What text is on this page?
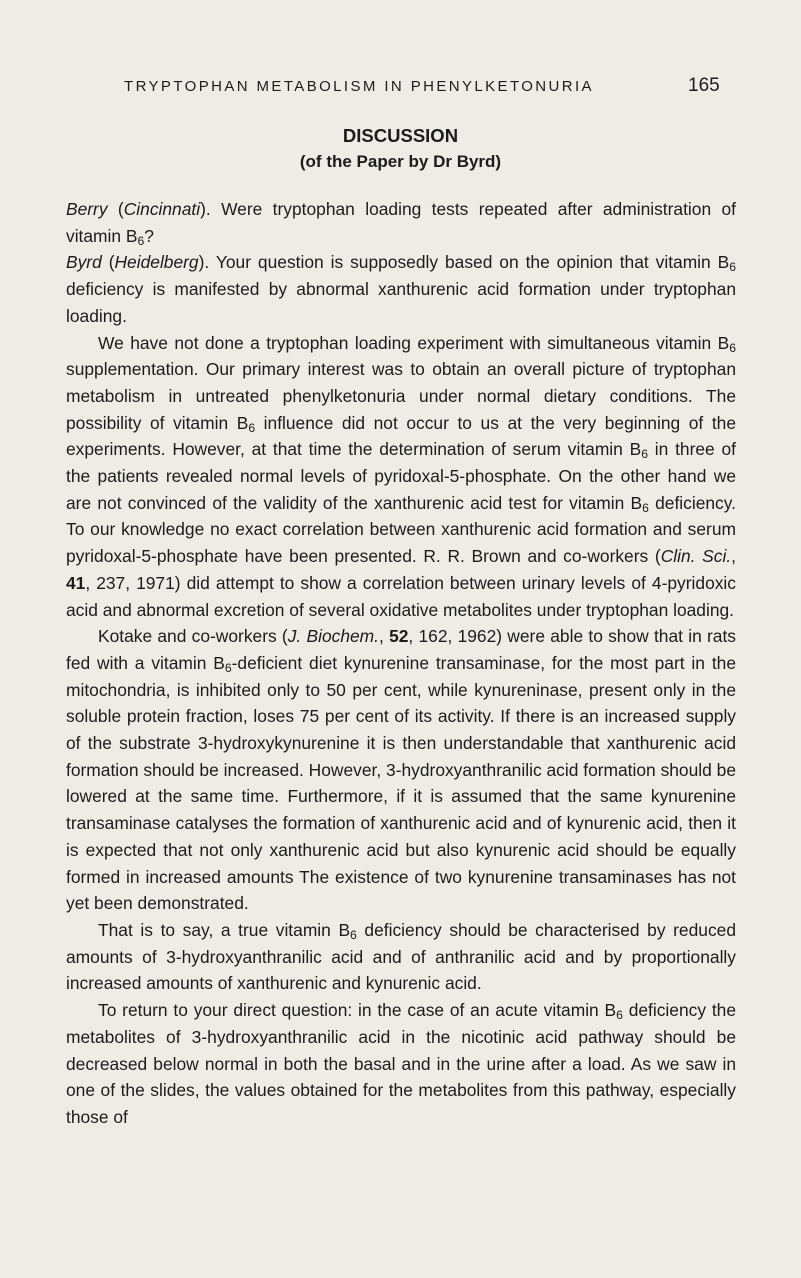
TRYPTOPHAN METABOLISM IN PHENYLKETONURIA	165
DISCUSSION
(of the Paper by Dr Byrd)

Berry (Cincinnati). Were tryptophan loading tests repeated after administration of vitamin $B_6$?

Byrd (Heidelberg). Your question is supposedly based on the opinion that vitamin $B_6$ deficiency is manifested by abnormal xanthurenic acid formation under tryptophan loading.

We have not done a tryptophan loading experiment with simultaneous vitamin $B_6$ supplementation. Our primary interest was to obtain an overall picture of tryptophan metabolism in untreated phenylketonuria under normal dietary conditions. The possibility of vitamin $B_6$ influence did not occur to us at the very beginning of the experiments. However, at that time the determination of serum vitamin $B_6$ in three of the patients revealed normal levels of pyridoxal-5-phosphate. On the other hand we are not convinced of the validity of the xanthurenic acid test for vitamin $B_6$ deficiency. To our knowledge no exact correlation between xanthurenic acid formation and serum pyridoxal-5-phosphate have been presented. R. R. Brown and co-workers (Clin. Sci., 41, 237, 1971) did attempt to show a correlation between urinary levels of 4-pyridoxic acid and abnormal excretion of several oxidative metabolites under tryptophan loading.

Kotake and co-workers (J. Biochem., 52, 162, 1962) were able to show that in rats fed with a vitamin $B_6$-deficient diet kynurenine transaminase, for the most part in the mitochondria, is inhibited only to 50 per cent, while kynureninase, present only in the soluble protein fraction, loses 75 per cent of its activity. If there is an increased supply of the substrate 3-hydroxykynurenine it is then understandable that xanthurenic acid formation should be increased. However, 3-hydroxyanthranilic acid formation should be lowered at the same time. Furthermore, if it is assumed that the same kynurenine transaminase catalyses the formation of xanthurenic acid and of kynurenic acid, then it is expected that not only xanthurenic acid but also kynurenic acid should be equally formed in increased amounts The existence of two kynurenine transaminases has not yet been demonstrated.

That is to say, a true vitamin $B_6$ deficiency should be characterised by reduced amounts of 3-hydroxyanthranilic acid and of anthranilic acid and by proportionally increased amounts of xanthurenic and kynurenic acid.

To return to your direct question: in the case of an acute vitamin $B_6$ deficiency the metabolites of 3-hydroxyanthranilic acid in the nicotinic acid pathway should be decreased below normal in both the basal and in the urine after a load. As we saw in one of the slides, the values obtained for the metabolites from this pathway, especially those of
